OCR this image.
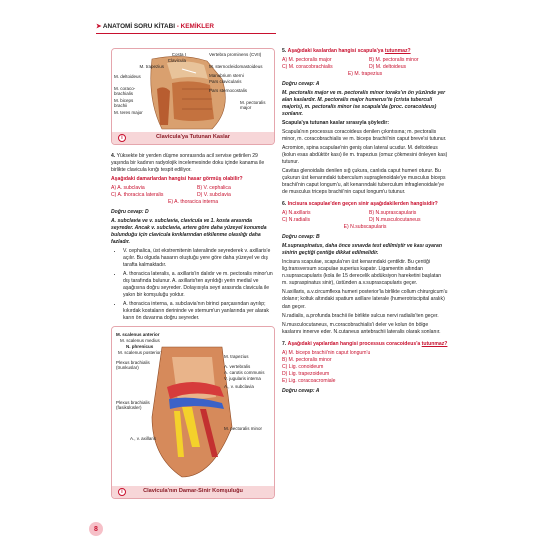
➤ ANATOMİ SORU KİTABI - KEMİKLER
Costa I
Clavicula
M. trapezius
M. deltoideus
M. coraco-brachialis
M. biceps brachii
M. teres major
Vertebra prominens (CVII)
M. sternocleidomastoideus
Manubrium sterni
Pars clavicularis
Pars sternocostalis
M. pectoralis major
i	Clavicula'ya Tutunan Kaslar
4. Yüksekte bir yerden düşme sonrasında acil servise getirilen 29 yaşında bir kadının radyolojik incelemesinde doku içinde kanama ile birlikte clavicula kırığı tespit ediliyor.
Aşağıdaki damarlardan hangisi hasar görmüş olabilir?
A) A. subclavia	B) V. cephalica
C) A. thoracica lateralis	D) V. subclavia
E) A. thoracica interna
Doğru cevap: D
A. subclavia ve v. subclavia, clavicula ve 1. kosta arasında seyreder. Ancak v. subclavia, artere göre daha yüzeyel konumda bulunduğu için clavicula kırıklarından etkilenme olasılığı daha fazladır.
• V. cephalica, üst ekstremitenin lateralinde seyrederek v. axillaris'e açılır. Bu olguda hasarın oluştuğu yere göre daha yüzeyel ve dış tarafta kalmaktadır.
• A. thoracica lateralis, a. axillaris'in dalıdır ve m. pectoralis minor'un dış tarafında bulunur. A. axillaris'ten ayrıldığı yerin medial ve aşağısına doğru seyreder. Dolayısıyla seyri arasında clavicula ile yakın bir komşuluğu yoktur.
• A. thoracica interna, a. subclavia'nın birinci parçasından ayrılıp; kıkırdak kostaların derininde ve sternum'un yanlarında yer alarak karın ön duvarına doğru seyreder.
M. scalenus anterior
M. scalenus medius
N. phrenicus
M. scalenus posterior
Plexus brachialis (trunkuslar)
Plexus brachialis (fasikülüsler)
A., v. axillaris
M. trapezius
A. vertebralis
A. carotis communis
V. jugularis interna
A., v. subclavia
M. pectoralis minor
i	Clavicula'nın Damar-Sinir Komşuluğu
5. Aşağıdaki kaslardan hangisi scapula'ya tutunmaz?
A) M. pectoralis major	B) M. pectoralis minor
C) M. coracobrachialis	D) M. deltoideus
E) M. trapezius
Doğru cevap: A
M. pectoralis major ve m. pectoralis minor toraks'ın ön yüzünde yer alan kaslardır. M. pectoralis major humerus'te (crista tuberculi majoris), m. pectoralis minor ise scapula'da (proc. coracoideus) sonlanır.
Scapula'ya tutunan kaslar sırasıyla şöyledir:
Scapula'nın processus coracoideus denilen çıkıntısına; m. pectoralis minor, m. coracobrachialis ve m. biceps brachii'nin caput breve'si tutunur.
Acromion, spina scapulae'nin geniş olan lateral ucudur. M. deltoideus (kolun esas abdüktör kası) ile m. trapezius (omuz çökmesini önleyen kas) tutunur.
Cavitas glenoidalis denilen sığ çukura, canlıda caput humeri oturur. Bu çukurun üst kenarındaki tuberculum supraglenoidale'ye musculus biceps brachii'nin caput longum'u, alt kenarındaki tuberculum infraglenoidale'ye de musculus triceps brachii'nin caput longum'u tutunur.
6. Incisura scapulae'den geçen sinir aşağıdakilerden hangisidir?
A) N.axillaris	B) N.suprascapularis
C) N.radialis	D) N.musculocutaneus
E) N.subscapularis
Doğru cevap: B
M.supraspinatus, daha önce sınavda test edilmiştir ve kası uyaran sinirin geçtiği çentiğe dikkat edilmelidir.
Incisura scapulae, scapula'nın üst kenarındaki çentiktir. Bu çentiği lig.transversum scapulae superius kapatır. Ligamentin altından n.suprascapularis (kola ile 15 derecelik abdüksiyon hareketini başlatan m. supraspinatus sinir), üstünden a.v.suprascapularis geçer.
N.axillaris, a.v.circumflexa humeri posterior'la birlikte collum chirurgicum'u dolanır; koltuk altındaki spatium axillare laterale (humerotriscipital aralık) dan geçer.
N.radialis, a.profunda brachii ile birlikte sulcus nervi radialis'ten geçer.
N.musculocutaneus, m.coracobrachialis'i deler ve kolun ön bölge kaslarını innerve eder. N.cutaneus antebrachii lateralis olarak sonlanır.
7. Aşağıdaki yapılardan hangisi processus coracoideus'a tutunmaz?
A) M. biceps brachii'nin caput longum'u
B) M. pectoralis minor
C) Lig. conoideum
D) Lig. trapezoideum
E) Lig. coracoacromiale
Doğru cevap: A
8
